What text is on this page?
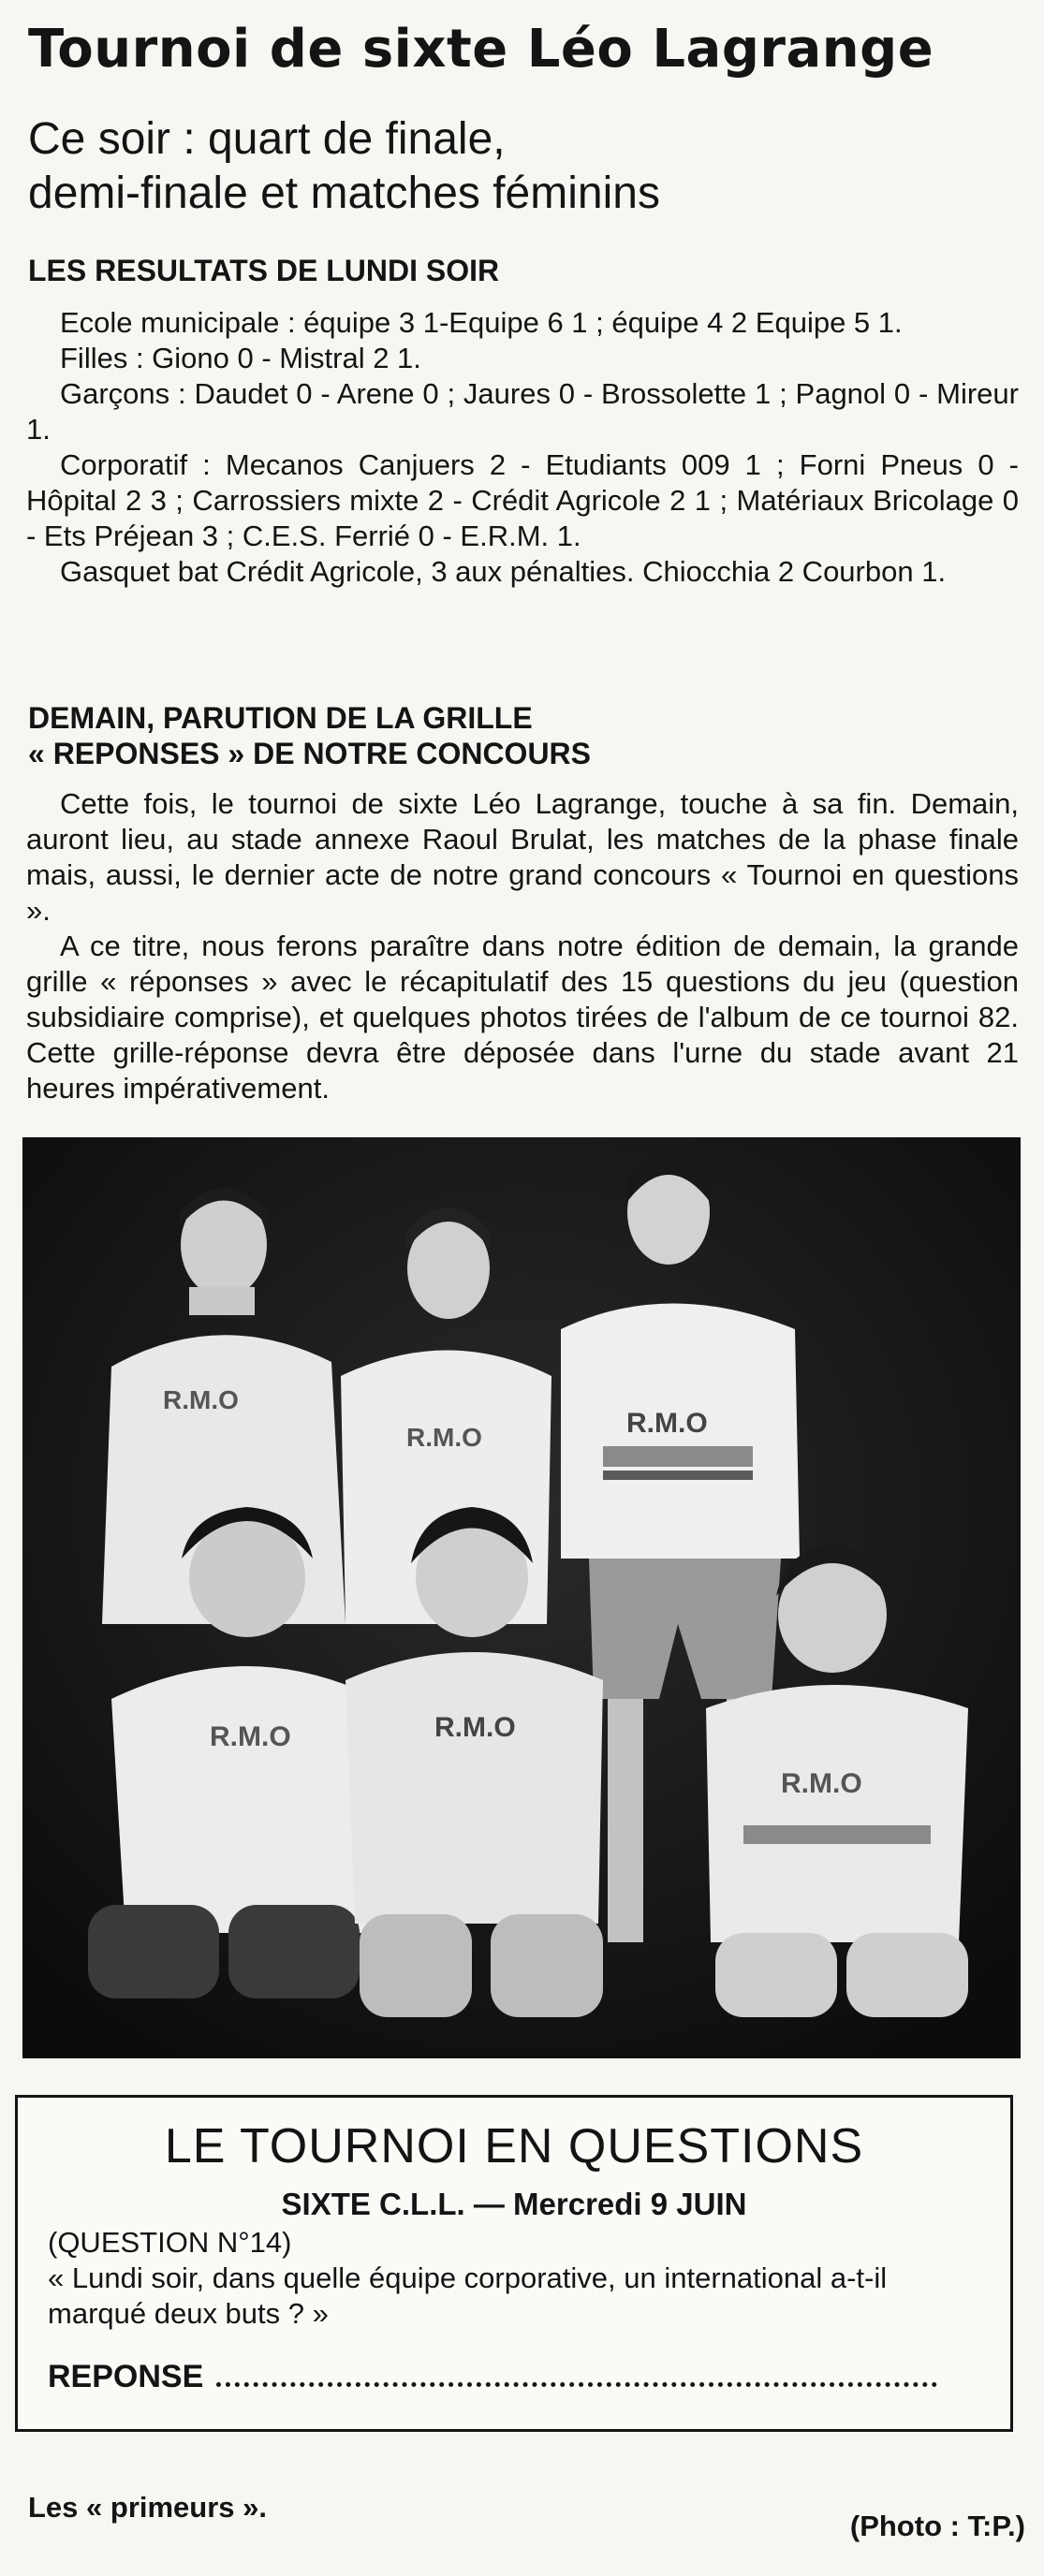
Tournoi de sixte Léo Lagrange
Ce soir : quart de finale,
demi-finale et matches féminins
LES RESULTATS DE LUNDI SOIR

Ecole municipale : équipe 3 1-Equipe 6 1 ; équipe 4 2 Equipe 5 1.

Filles : Giono 0 - Mistral 2 1.

Garçons : Daudet 0 - Arene 0 ; Jaures 0 - Brossolette 1 ; Pagnol 0 - Mireur 1.

Corporatif : Mecanos Canjuers 2 - Etudiants 009 1 ; Forni Pneus 0 - Hôpital 2 3 ; Carrossiers mixte 2 - Crédit Agricole 2 1 ; Matériaux Bricolage 0 - Ets Préjean 3 ; C.E.S. Ferrié 0 - E.R.M. 1.

Gasquet bat Crédit Agricole, 3 aux pénalties. Chiocchia 2 Courbon 1.

DEMAIN, PARUTION DE LA GRILLE
« REPONSES » DE NOTRE CONCOURS

Cette fois, le tournoi de sixte Léo Lagrange, touche à sa fin. Demain, auront lieu, au stade annexe Raoul Brulat, les matches de la phase finale mais, aussi, le dernier acte de notre grand concours « Tournoi en questions ».

A ce titre, nous ferons paraître dans notre édition de demain, la grande grille « réponses » avec le récapitulatif des 15 questions du jeu (question subsidiaire comprise), et quelques photos tirées de l'album de ce tournoi 82. Cette grille-réponse devra être déposée dans l'urne du stade avant 21 heures impérativement.

R.M.O
R.M.O	R.M.O
R.M.O	R.M.O
R.M.O
LE TOURNOI EN QUESTIONS
SIXTE C.L.L. — Mercredi 9 JUIN
(QUESTION N°14)
« Lundi soir, dans quelle équipe corporative, un international a-t-il marqué deux buts ? »
REPONSE
Les « primeurs ».
(Photo : T:P.)
